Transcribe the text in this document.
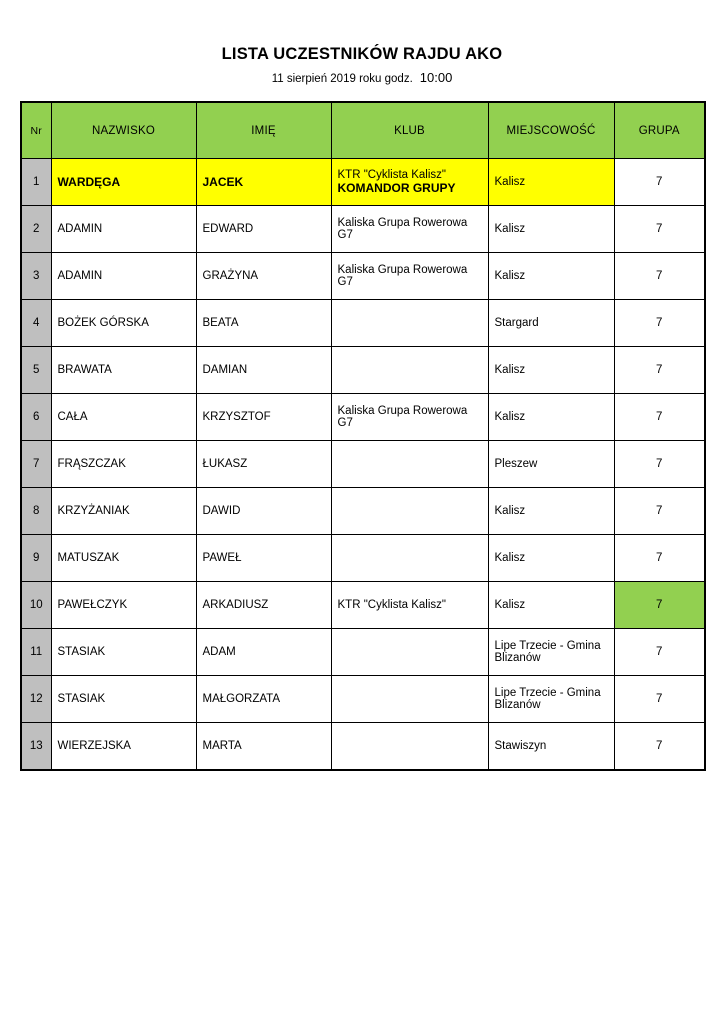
LISTA UCZESTNIKÓW RAJDU AKO
11 sierpień 2019 roku godz. 10:00
Nr	NAZWISKO	IMIĘ	KLUB	MIEJSCOWOŚĆ	GRUPA
1	WARDĘGA	JACEK	KTR "Cyklista Kalisz"
KOMANDOR GRUPY	Kalisz	7
2	ADAMIN	EDWARD	Kaliska Grupa Rowerowa
G7	Kalisz	7
3	ADAMIN	GRAŻYNA	Kaliska Grupa Rowerowa
G7	Kalisz	7
4	BOŻEK GÓRSKA	BEATA		Stargard	7
5	BRAWATA	DAMIAN		Kalisz	7
6	CAŁA	KRZYSZTOF	Kaliska Grupa Rowerowa
G7	Kalisz	7
7	FRĄSZCZAK	ŁUKASZ		Pleszew	7
8	KRZYŻANIAK	DAWID		Kalisz	7
9	MATUSZAK	PAWEŁ		Kalisz	7
10	PAWEŁCZYK	ARKADIUSZ	KTR "Cyklista Kalisz"	Kalisz	7
11	STASIAK	ADAM		Lipe Trzecie - Gmina
Blizanów	7
12	STASIAK	MAŁGORZATA		Lipe Trzecie - Gmina
Blizanów	7
13	WIERZEJSKA	MARTA		Stawiszyn	7
